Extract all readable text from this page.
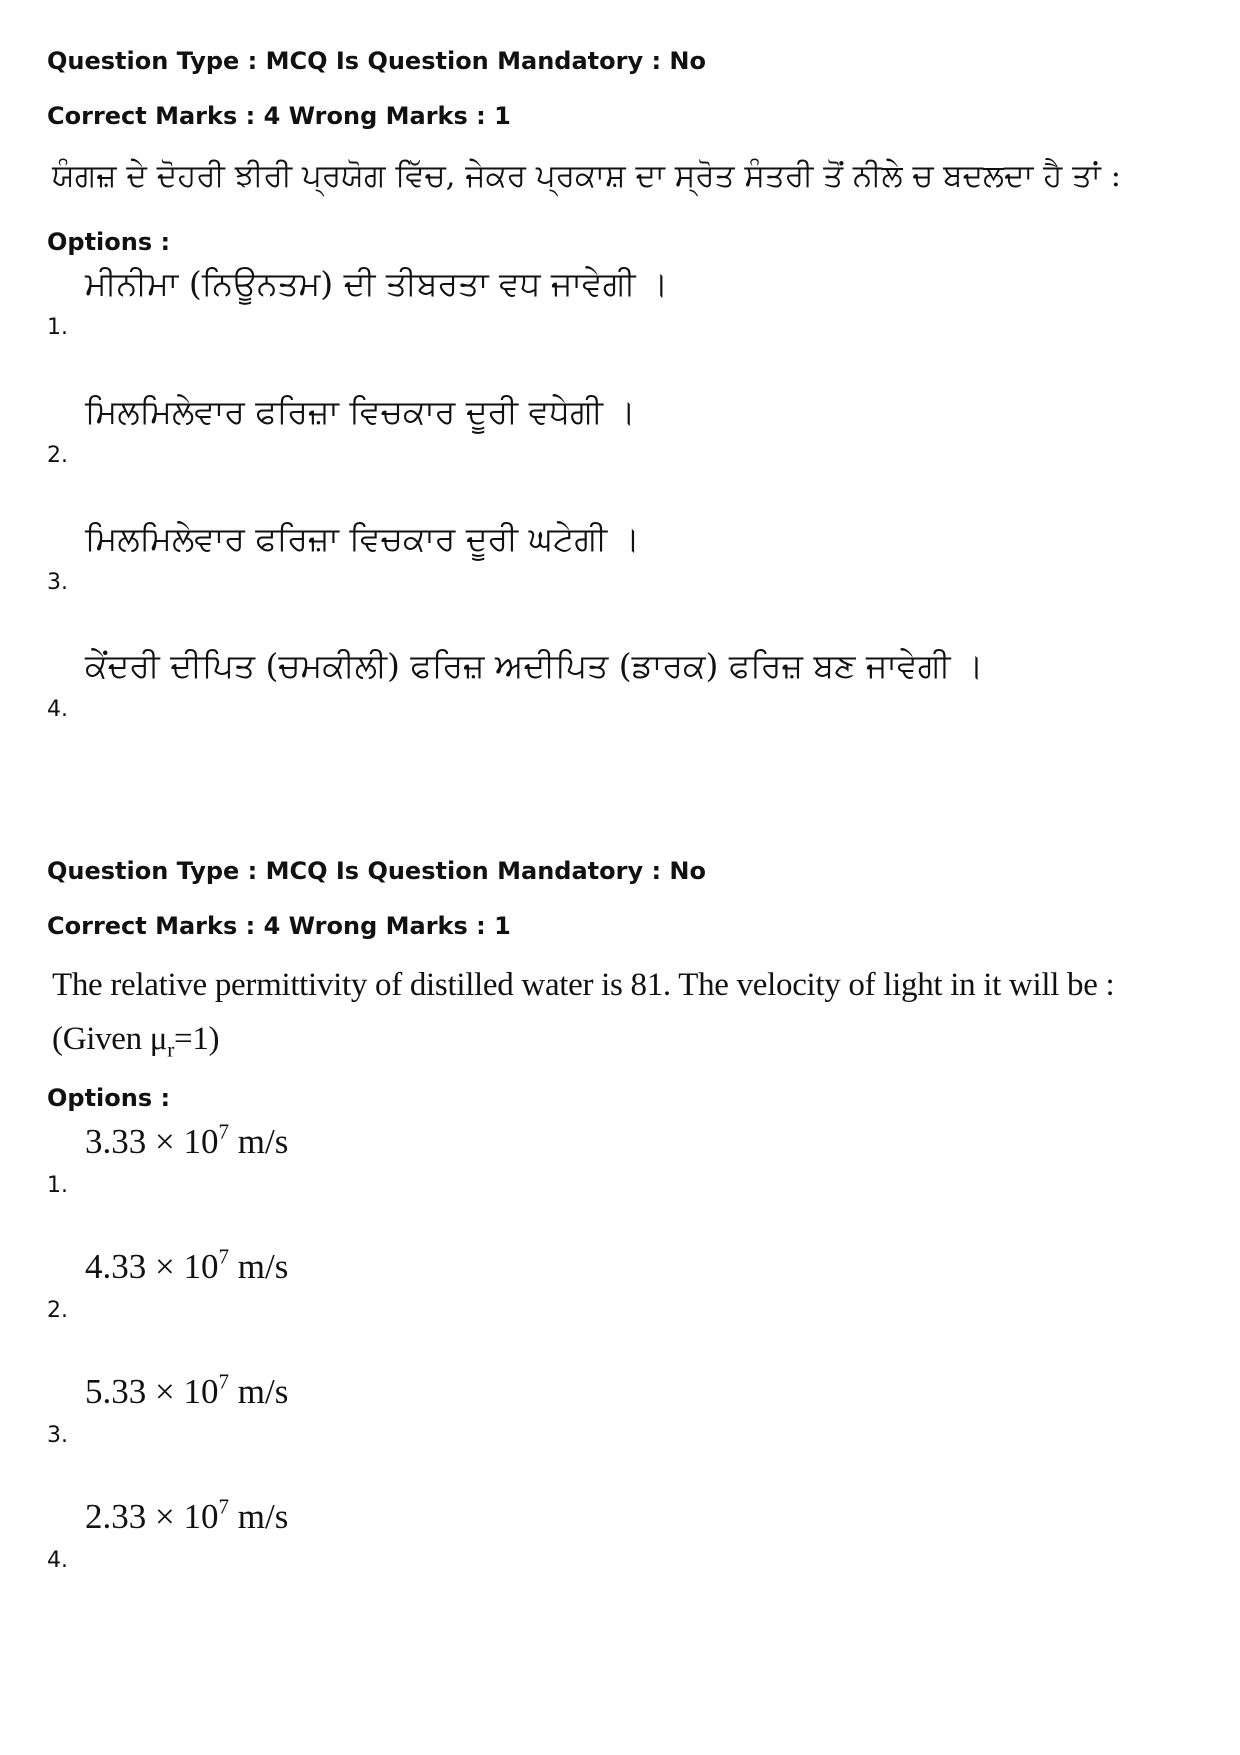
Question Type : MCQ Is Question Mandatory : No
Correct Marks : 4 Wrong Marks : 1
ਯੰਗਜ਼ ਦੇ ਦੋਹਰੀ ਝੀਰੀ ਪ੍ਰਯੋਗ ਵਿੱਚ, ਜੇਕਰ ਪ੍ਰਕਾਸ਼ ਦਾ ਸ੍ਰੋਤ ਸੰਤਰੀ ਤੋਂ ਨੀਲੇ ਚ ਬਦਲਦਾ ਹੈ ਤਾਂ :
Options :
1.
ਮੀਨੀਮਾ (ਨਿਊਨਤਮ) ਦੀ ਤੀਬਰਤਾ ਵਧ ਜਾਵੇਗੀ ।
2.
ਮਿਲਮਿਲੇਵਾਰ ਫਰਿਜ਼ਾ ਵਿਚਕਾਰ ਦੂਰੀ ਵਧੇਗੀ ।
3.
ਮਿਲਮਿਲੇਵਾਰ ਫਰਿਜ਼ਾ ਵਿਚਕਾਰ ਦੂਰੀ ਘਟੇਗੀ ।
4.
ਕੇਂਦਰੀ ਦੀਪਿਤ (ਚਮਕੀਲੀ) ਫਰਿਜ਼ ਅਦੀਪਿਤ (ਡਾਰਕ) ਫਰਿਜ਼ ਬਣ ਜਾਵੇਗੀ ।
Question Type : MCQ Is Question Mandatory : No
Correct Marks : 4 Wrong Marks : 1
The relative permittivity of distilled water is 81. The velocity of light in it will be :
(Given $\mu_r=1$)
Options :
1.
$3.33 \times 10^7$ m/s
2.
$4.33 \times 10^7$ m/s
3.
$5.33 \times 10^7$ m/s
4.
$2.33 \times 10^7$ m/s
